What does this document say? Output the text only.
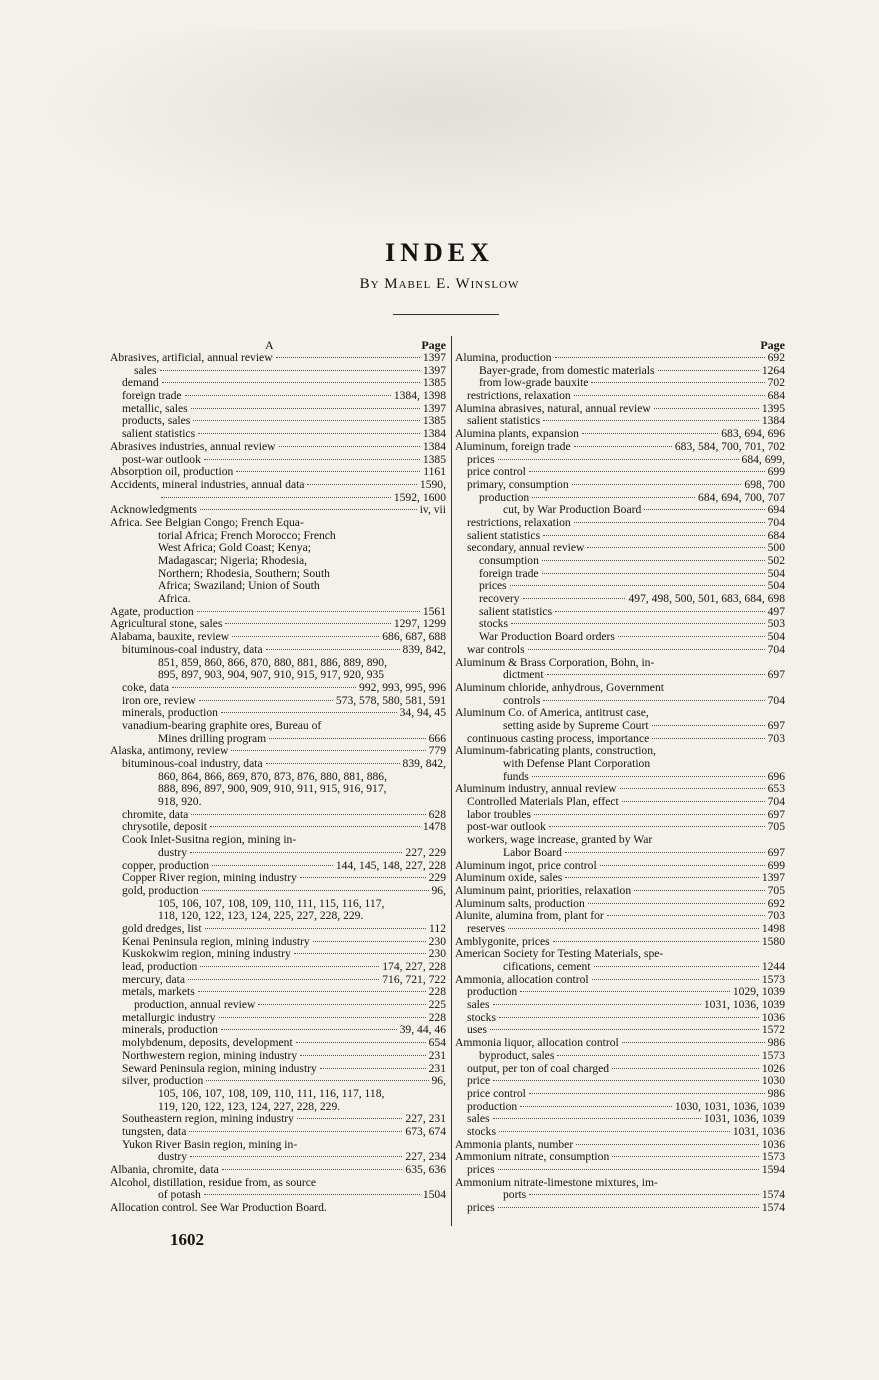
INDEX
By Mabel E. Winslow
A	Page
Abrasives, artificial, annual review	1397
sales	1397
demand	1385
foreign trade	1384, 1398
metallic, sales	1397
products, sales	1385
salient statistics	1384
Abrasives industries, annual review	1384
post-war outlook	1385
Absorption oil, production	1161
Accidents, mineral industries, annual data	1590,
1592, 1600
Acknowledgments	iv, vii
Africa. See Belgian Congo; French Equa-
torial Africa; French Morocco; French
West Africa; Gold Coast; Kenya;
Madagascar; Nigeria; Rhodesia,
Northern; Rhodesia, Southern; South
Africa; Swaziland; Union of South
Africa.
Agate, production	1561
Agricultural stone, sales	1297, 1299
Alabama, bauxite, review	686, 687, 688
bituminous-coal industry, data	839, 842,
851, 859, 860, 866, 870, 880, 881, 886, 889, 890,
895, 897, 903, 904, 907, 910, 915, 917, 920, 935
coke, data	992, 993, 995, 996
iron ore, review	573, 578, 580, 581, 591
minerals, production	34, 94, 45
vanadium-bearing graphite ores, Bureau of
Mines drilling program	666
Alaska, antimony, review	779
bituminous-coal industry, data	839, 842,
860, 864, 866, 869, 870, 873, 876, 880, 881, 886,
888, 896, 897, 900, 909, 910, 911, 915, 916, 917,
918, 920.
chromite, data	628
chrysotile, deposit	1478
Cook Inlet-Susitna region, mining in-
dustry	227, 229
copper, production	144, 145, 148, 227, 228
Copper River region, mining industry	229
gold, production	96,
105, 106, 107, 108, 109, 110, 111, 115, 116, 117,
118, 120, 122, 123, 124, 225, 227, 228, 229.
gold dredges, list	112
Kenai Peninsula region, mining industry	230
Kuskokwim region, mining industry	230
lead, production	174, 227, 228
mercury, data	716, 721, 722
metals, markets	228
production, annual review	225
metallurgic industry	228
minerals, production	39, 44, 46
molybdenum, deposits, development	654
Northwestern region, mining industry	231
Seward Peninsula region, mining industry	231
silver, production	96,
105, 106, 107, 108, 109, 110, 111, 116, 117, 118,
119, 120, 122, 123, 124, 227, 228, 229.
Southeastern region, mining industry	227, 231
tungsten, data	673, 674
Yukon River Basin region, mining in-
dustry	227, 234
Albania, chromite, data	635, 636
Alcohol, distillation, residue from, as source
of potash	1504
Allocation control. See War Production Board.
Page
Alumina, production	692
Bayer-grade, from domestic materials	1264
from low-grade bauxite	702
restrictions, relaxation	684
Alumina abrasives, natural, annual review	1395
salient statistics	1384
Alumina plants, expansion	683, 694, 696
Aluminum, foreign trade	683, 584, 700, 701, 702
prices	684, 699,
price control	699
primary, consumption	698, 700
production	684, 694, 700, 707
cut, by War Production Board	694
restrictions, relaxation	704
salient statistics	684
secondary, annual review	500
consumption	502
foreign trade	504
prices	504
recovery	497, 498, 500, 501, 683, 684, 698
salient statistics	497
stocks	503
War Production Board orders	504
war controls	704
Aluminum & Brass Corporation, Bohn, in-
dictment	697
Aluminum chloride, anhydrous, Government
controls	704
Aluminum Co. of America, antitrust case,
setting aside by Supreme Court	697
continuous casting process, importance	703
Aluminum-fabricating plants, construction,
with Defense Plant Corporation
funds	696
Aluminum industry, annual review	653
Controlled Materials Plan, effect	704
labor troubles	697
post-war outlook	705
workers, wage increase, granted by War
Labor Board	697
Aluminum ingot, price control	699
Aluminum oxide, sales	1397
Aluminum paint, priorities, relaxation	705
Aluminum salts, production	692
Alunite, alumina from, plant for	703
reserves	1498
Amblygonite, prices	1580
American Society for Testing Materials, spe-
cifications, cement	1244
Ammonia, allocation control	1573
production	1029, 1039
sales	1031, 1036, 1039
stocks	1036
uses	1572
Ammonia liquor, allocation control	986
byproduct, sales	1573
output, per ton of coal charged	1026
price	1030
price control	986
production	1030, 1031, 1036, 1039
sales	1031, 1036, 1039
stocks	1031, 1036
Ammonia plants, number	1036
Ammonium nitrate, consumption	1573
prices	1594
Ammonium nitrate-limestone mixtures, im-
ports	1574
prices	1574
1602
